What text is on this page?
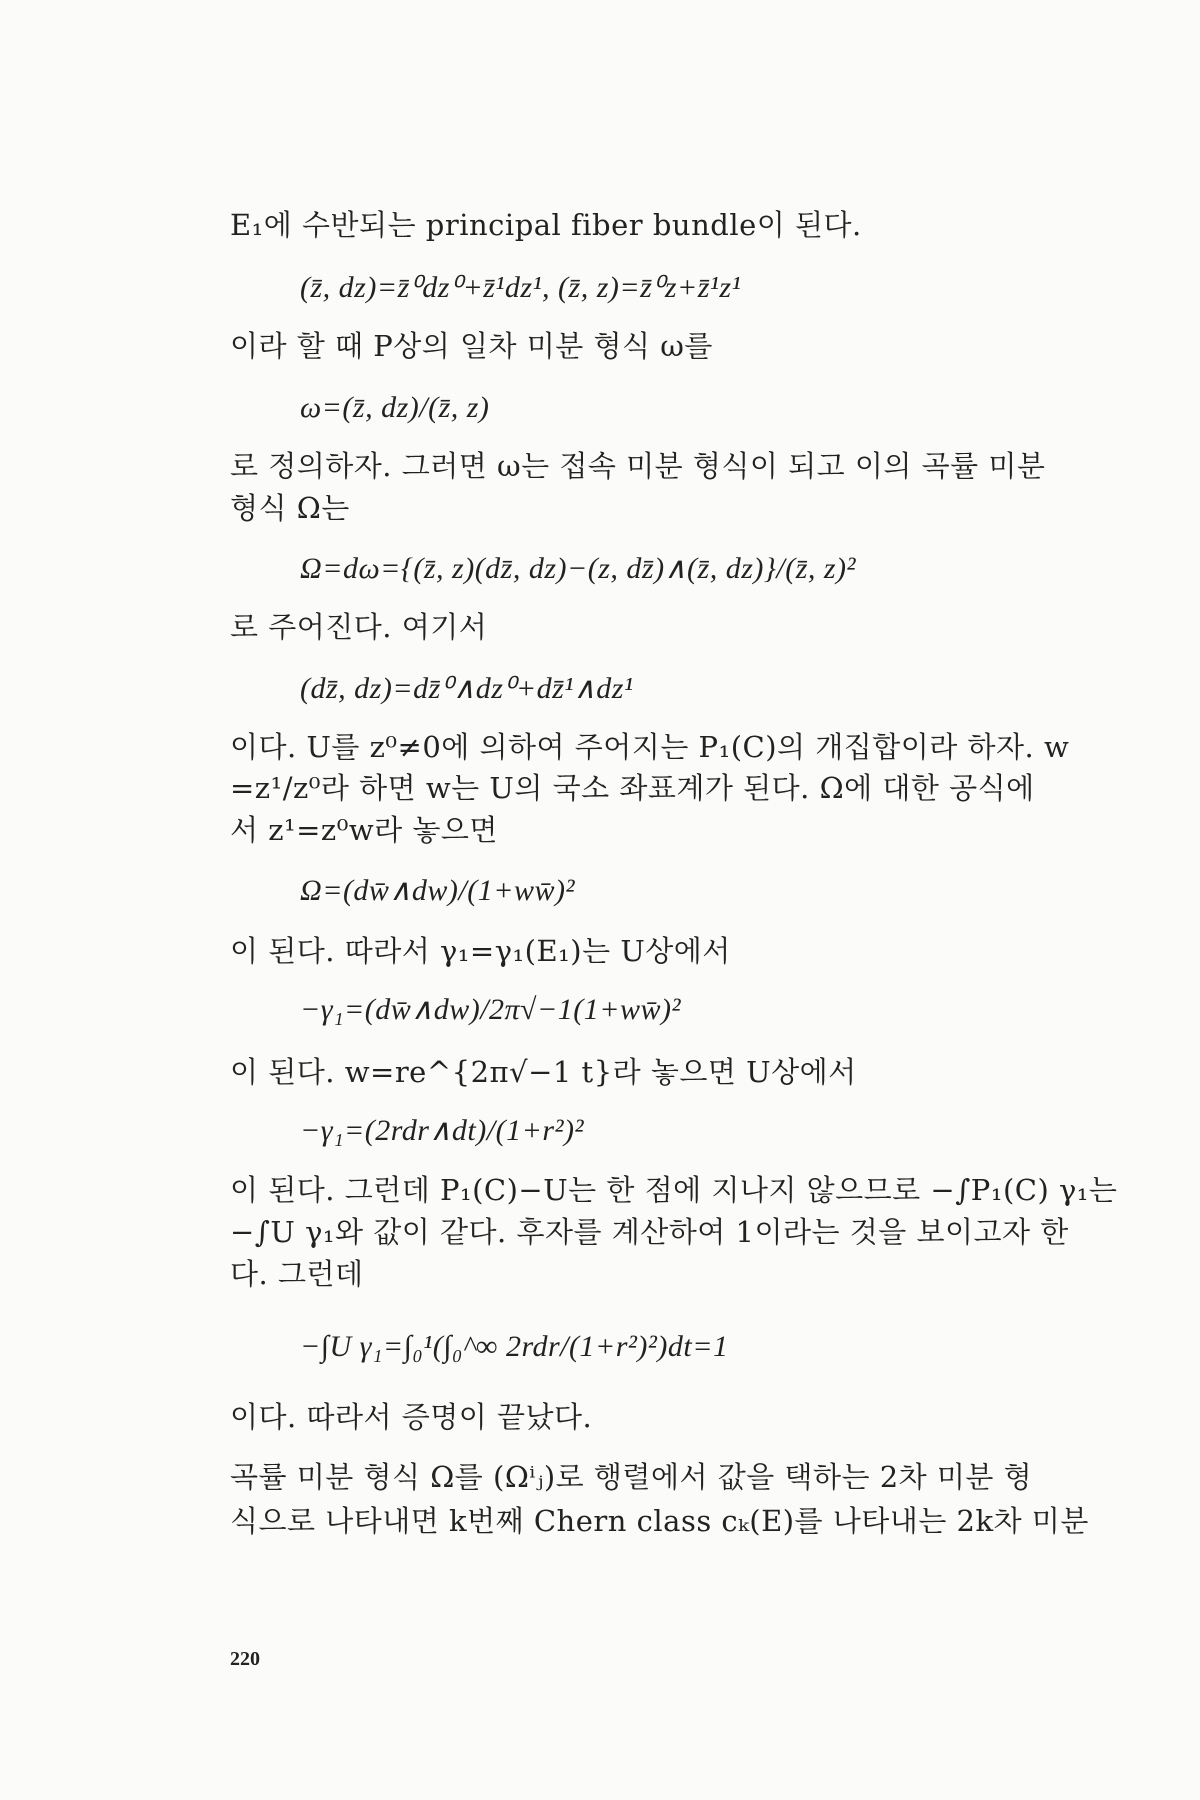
E₁에 수반되는 principal fiber bundle이 된다.
(z̄, dz)=z̄⁰dz⁰+z̄¹dz¹, (z̄, z)=z̄⁰z+z̄¹z¹
이라 할 때 P상의 일차 미분 형식 ω를
ω=(z̄, dz)/(z̄, z)
로 정의하자. 그러면 ω는 접속 미분 형식이 되고 이의 곡률 미분
형식 Ω는
Ω=dω={(z̄, z)(dz̄, dz)−(z, dz̄)∧(z̄, dz)}/(z̄, z)²
로 주어진다. 여기서
(dz̄, dz)=dz̄⁰∧dz⁰+dz̄¹∧dz¹
이다. U를 z⁰≠0에 의하여 주어지는 P₁(C)의 개집합이라 하자. w
=z¹/z⁰라 하면 w는 U의 국소 좌표계가 된다. Ω에 대한 공식에
서 z¹=z⁰w라 놓으면
Ω=(dw̄∧dw)/(1+ww̄)²
이 된다. 따라서 γ₁=γ₁(E₁)는 U상에서
−γ₁=(dw̄∧dw)/2π√−1(1+ww̄)²
이 된다. w=re^{2π√−1 t}라 놓으면 U상에서
−γ₁=(2rdr∧dt)/(1+r²)²
이 된다. 그런데 P₁(C)−U는 한 점에 지나지 않으므로 −∫P₁(C) γ₁는
−∫U γ₁와 값이 같다. 후자를 계산하여 1이라는 것을 보이고자 한
다. 그런데
−∫U γ₁=∫₀¹(∫₀^∞ 2rdr/(1+r²)²)dt=1
이다. 따라서 증명이 끝났다.
곡률 미분 형식 Ω를 (Ωⁱⱼ)로 행렬에서 값을 택하는 2차 미분 형
식으로 나타내면 k번째 Chern class cₖ(E)를 나타내는 2k차 미분
220
